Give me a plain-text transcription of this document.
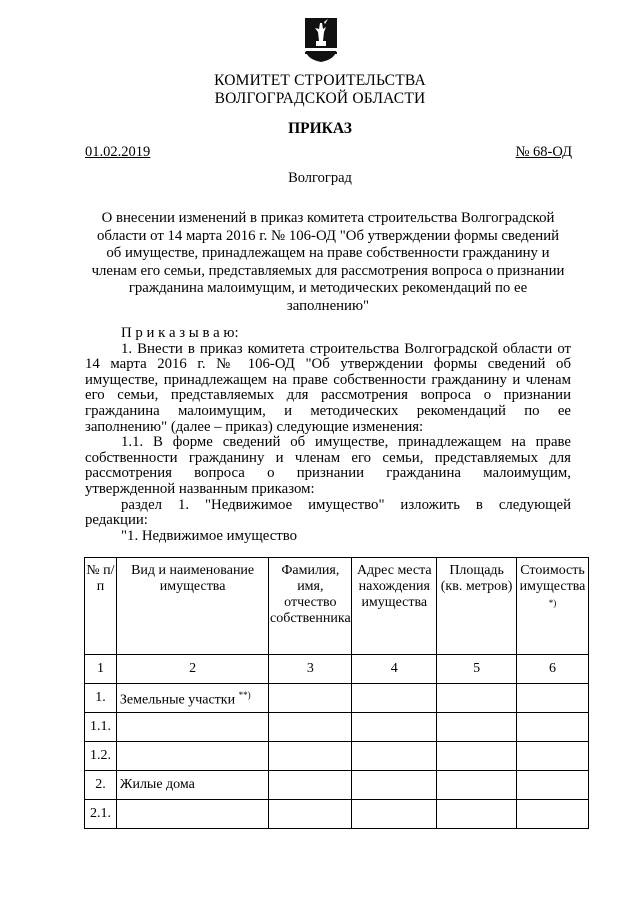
КОМИТЕТ СТРОИТЕЛЬСТВА
ВОЛГОГРАДСКОЙ ОБЛАСТИ
ПРИКАЗ
01.02.2019	№ 68-ОД
Волгоград
О внесении изменений в приказ комитета строительства Волгоградской
области от 14 марта 2016 г. № 106-ОД "Об утверждении формы сведений
об имуществе, принадлежащем на праве собственности гражданину и
членам его семьи, представляемых для рассмотрения вопроса о признании
гражданина малоимущим, и методических рекомендаций по ее
заполнению"
П р и к а з ы в а ю:
1. Внести в приказ комитета строительства Волгоградской области от
14 марта 2016 г. № 106-ОД "Об утверждении формы сведений об
имуществе, принадлежащем на праве собственности гражданину и членам
его семьи, представляемых для рассмотрения вопроса о признании
гражданина малоимущим, и методических рекомендаций по ее
заполнению" (далее – приказ) следующие изменения:
1.1. В форме сведений об имуществе, принадлежащем на праве
собственности гражданину и членам его семьи, представляемых для
рассмотрения вопроса о признании гражданина малоимущим,
утвержденной названным приказом:
раздел 1. "Недвижимое имущество" изложить в следующей
редакции:
"1. Недвижимое имущество
№ п/п	Вид и наименование имущества	Фамилия, имя, отчество собственника	Адрес места нахождения имущества	Площадь (кв. метров)	Стоимость имущества *)
1	2	3	4	5	6
1.	Земельные участки **)				
1.1.					
1.2.					
2.	Жилые дома				
2.1.					
